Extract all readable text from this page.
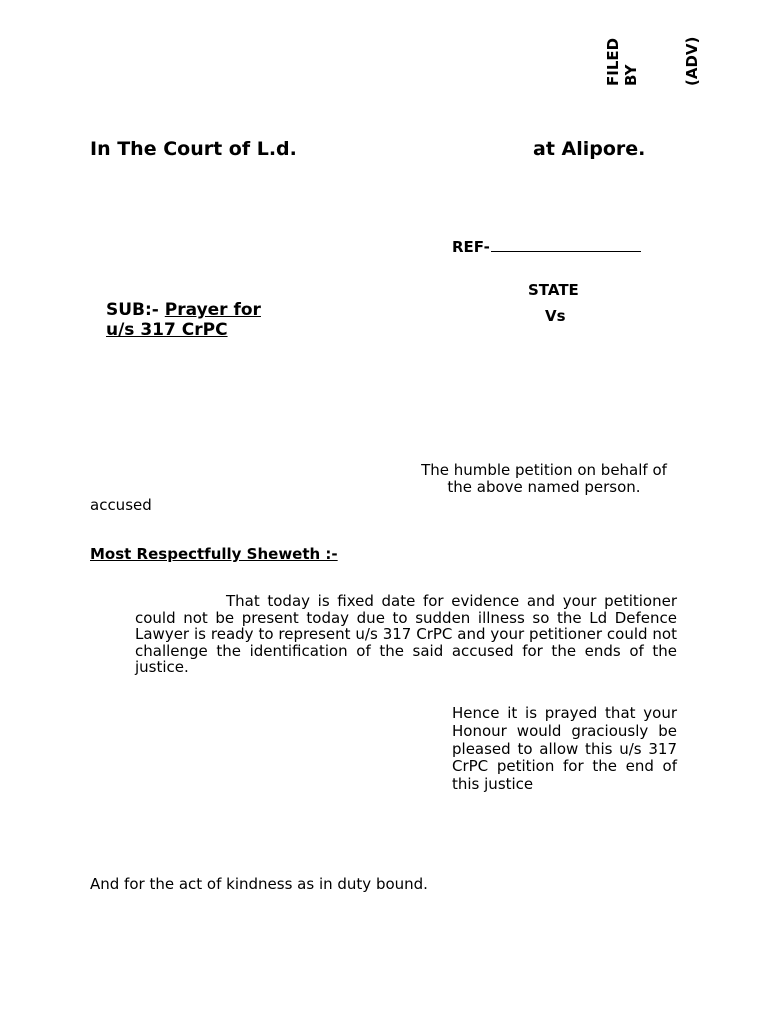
FILED BY	(ADV)
In The Court of L.d.	at Alipore.
REF-
STATE
Vs
SUB:- Prayer for
u/s 317 CrPC
The humble petition on behalf of the above named person.
accused
Most Respectfully Sheweth :-
That today is fixed date for evidence and your petitioner could not be present today due to sudden illness so the Ld Defence Lawyer is ready to represent u/s 317 CrPC and your petitioner could not challenge the identification of the said accused for the ends of the justice.
Hence it is prayed that your Honour would graciously be pleased to allow this u/s 317 CrPC petition for the end of this justice
And for the act of kindness as in duty bound.
